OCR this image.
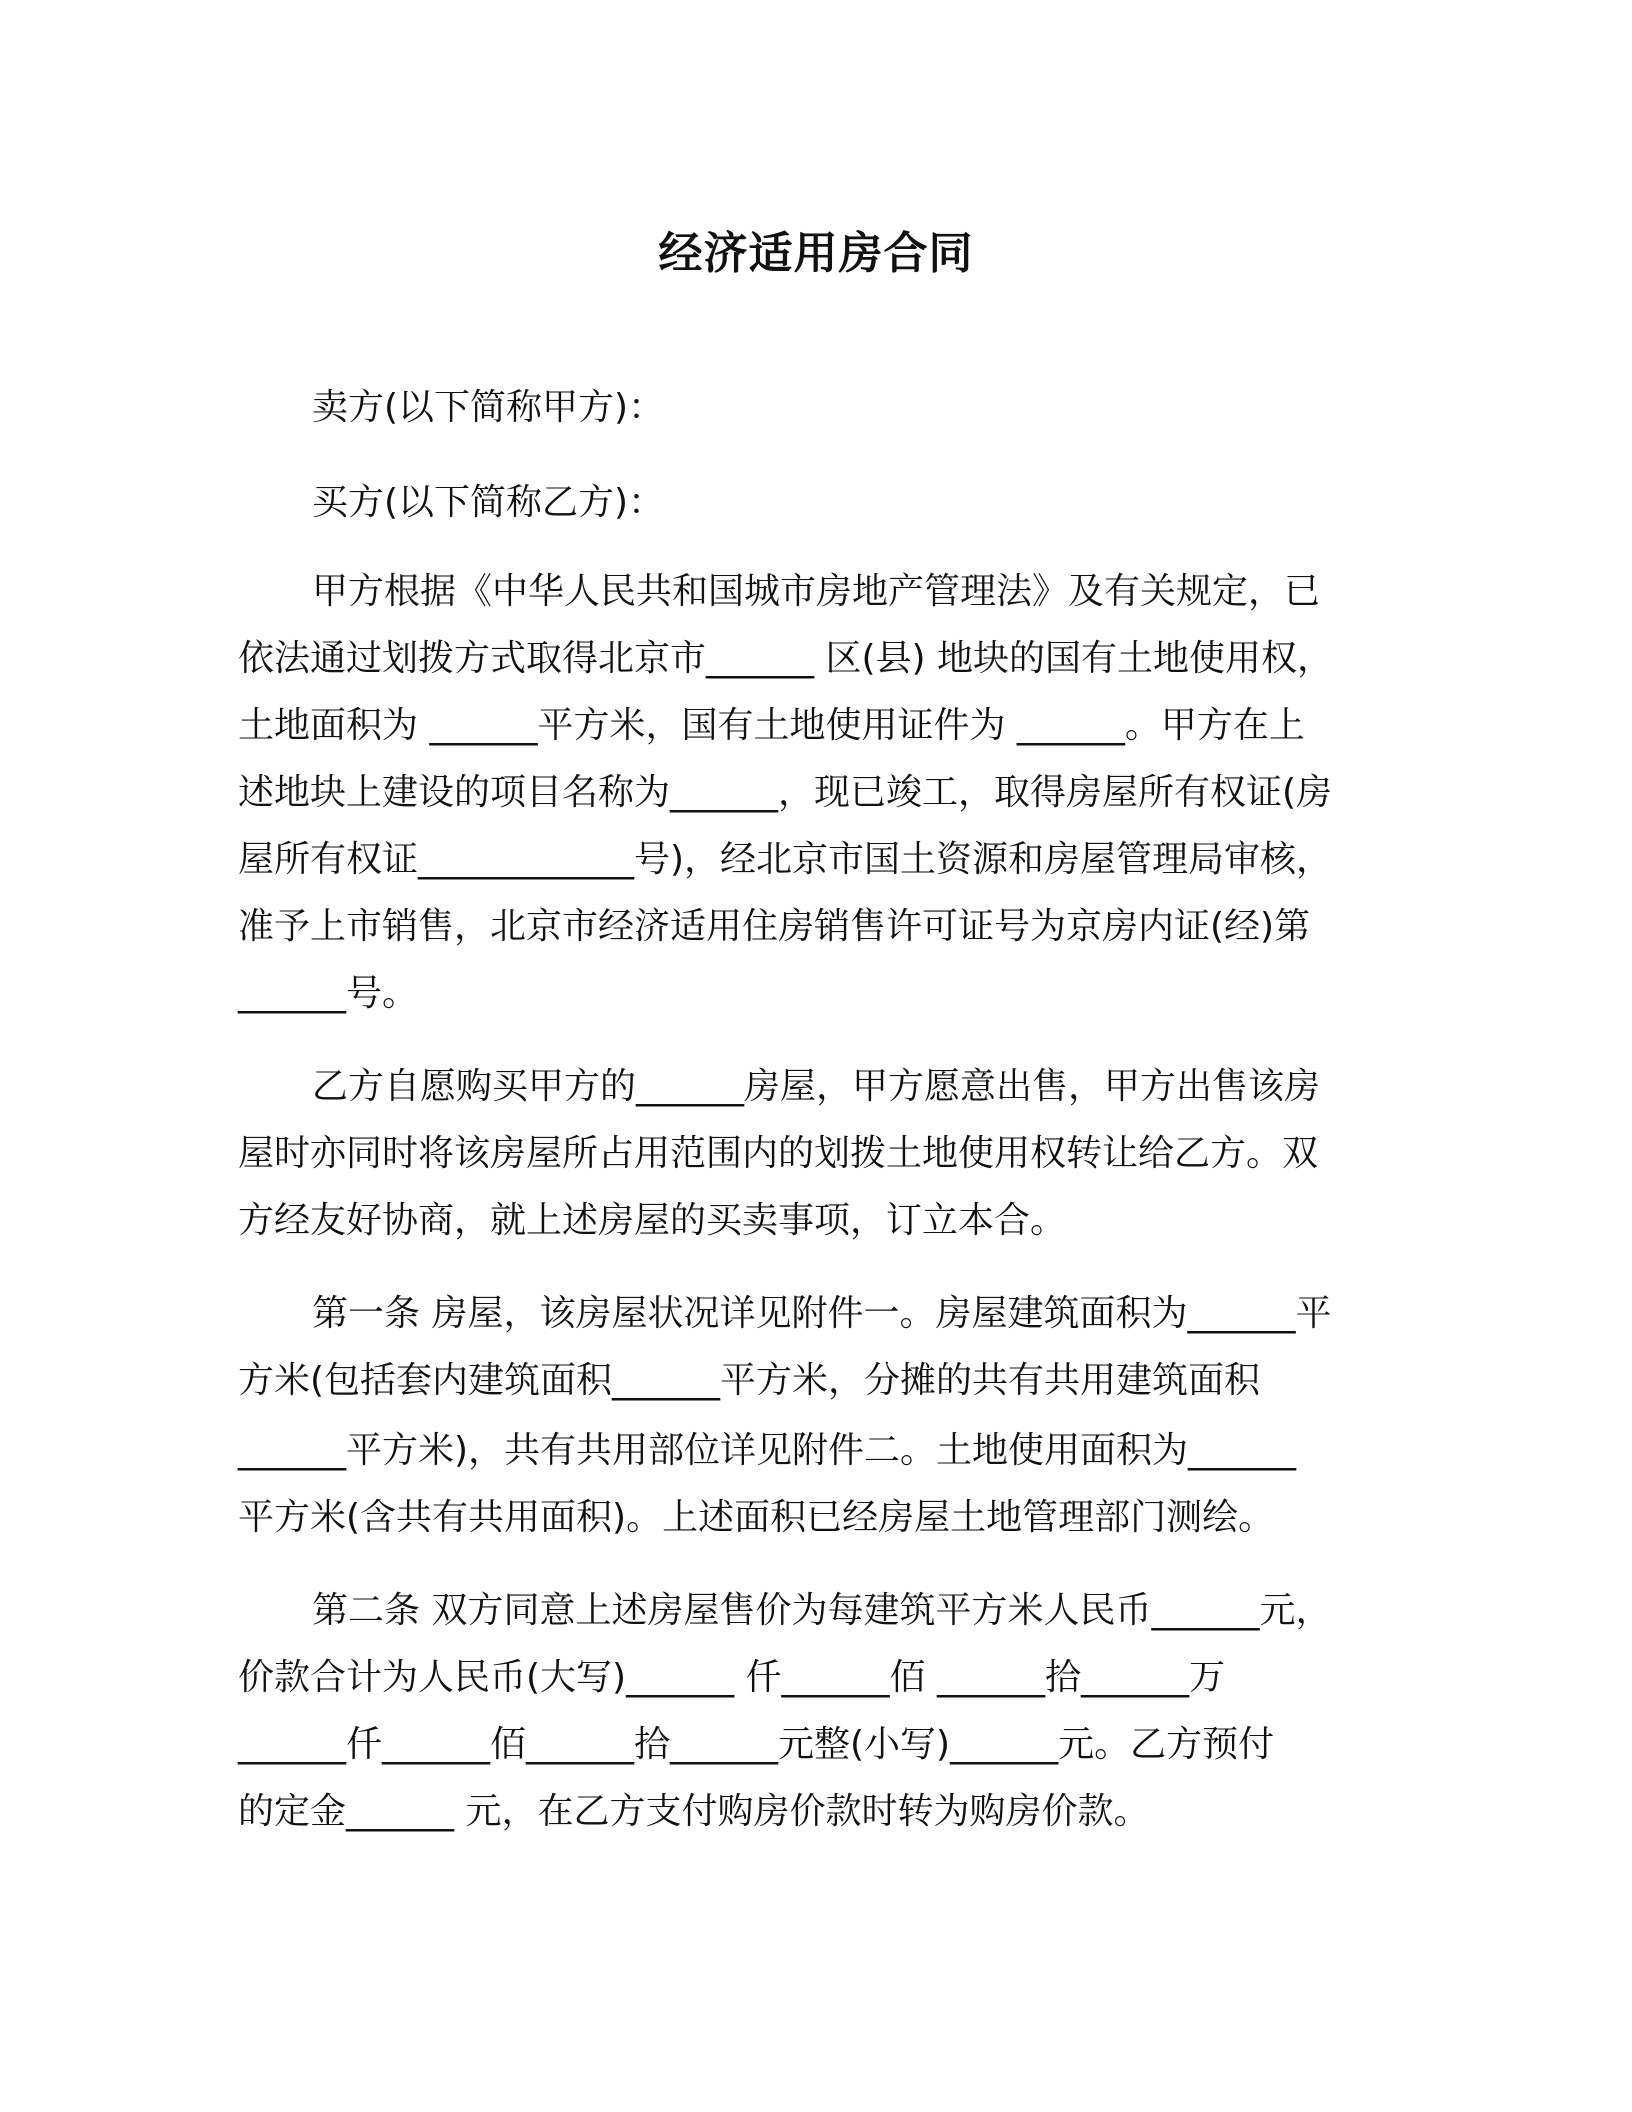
经济适用房合同

卖方(以下简称甲方)：

买方(以下简称乙方)：

甲方根据《中华人民共和国城市房地产管理法》及有关规定，已

依法通过划拨方式取得北京市______ 区(县) 地块的国有土地使用权，

土地面积为 ______平方米，国有土地使用证件为 ______。甲方在上

述地块上建设的项目名称为______，现已竣工，取得房屋所有权证(房

屋所有权证____________号)，经北京市国土资源和房屋管理局审核，

准予上市销售，北京市经济适用住房销售许可证号为京房内证(经)第

______号。

乙方自愿购买甲方的______房屋，甲方愿意出售，甲方出售该房

屋时亦同时将该房屋所占用范围内的划拨土地使用权转让给乙方。双

方经友好协商，就上述房屋的买卖事项，订立本合。

第一条 房屋，该房屋状况详见附件一。房屋建筑面积为______平

方米(包括套内建筑面积______平方米，分摊的共有共用建筑面积

______平方米)，共有共用部位详见附件二。土地使用面积为______

平方米(含共有共用面积)。上述面积已经房屋土地管理部门测绘。

第二条 双方同意上述房屋售价为每建筑平方米人民币______元，

价款合计为人民币(大写)______ 仟______佰 ______拾______万

______仟______佰______拾______元整(小写)______元。乙方预付

的定金______ 元，在乙方支付购房价款时转为购房价款。
